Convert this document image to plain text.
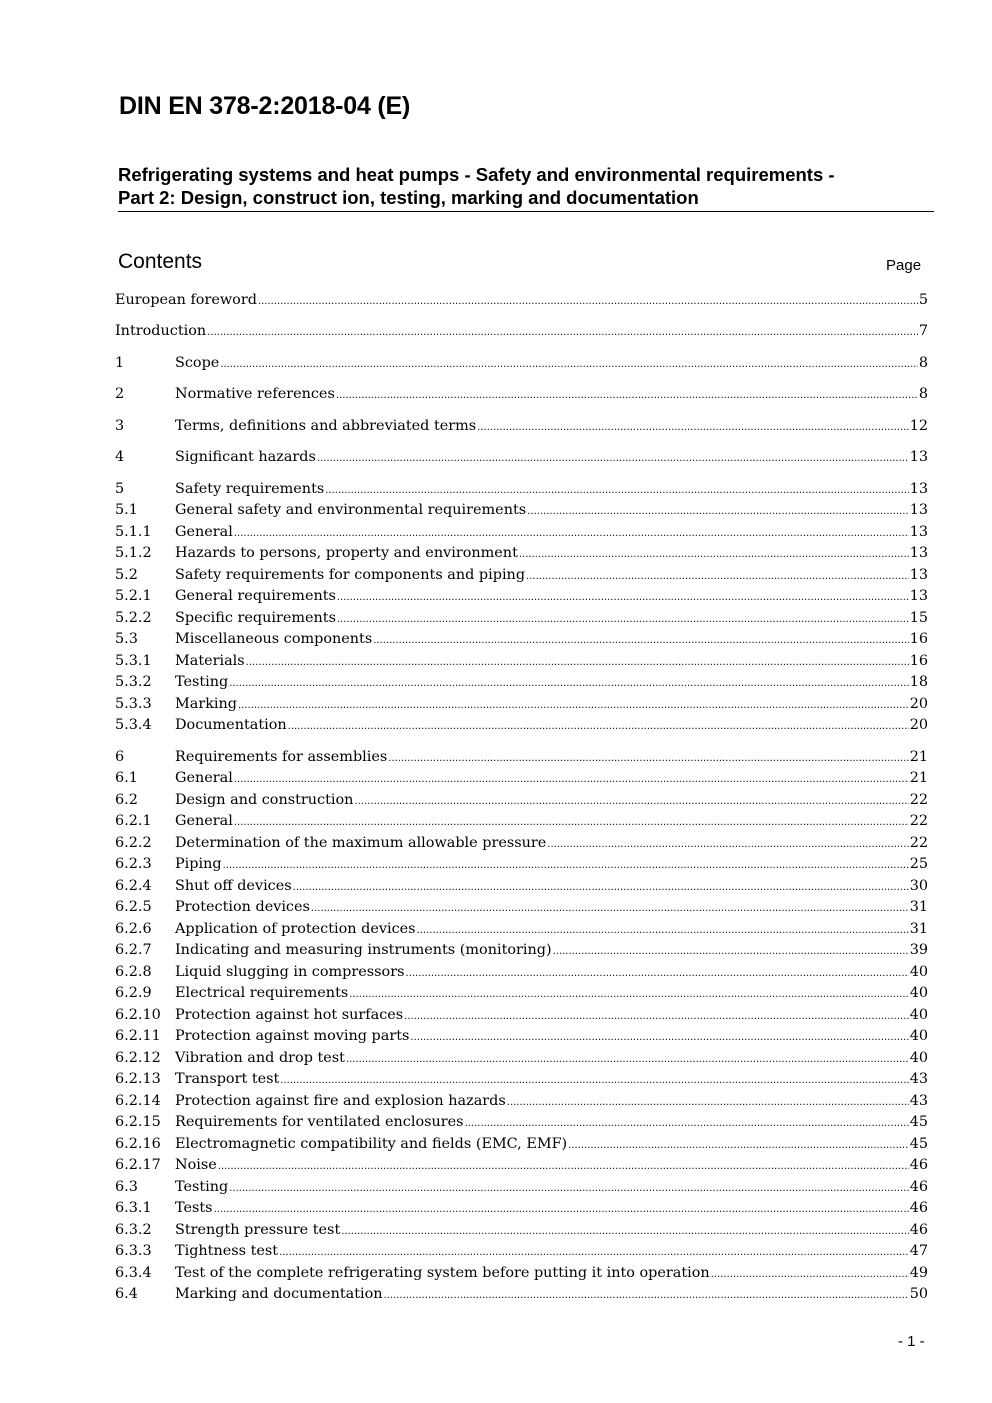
DIN EN 378-2:2018-04 (E)
Refrigerating systems and heat pumps - Safety and environmental requirements -
Part 2: Design, construct ion, testing, marking and documentation
Contents	Page
European foreword .....	5
Introduction .....	7
1	Scope .....	8
2	Normative references .....	8
3	Terms, definitions and abbreviated terms .....	12
4	Significant hazards .....	13
5	Safety requirements .....	13
5.1	General safety and environmental requirements .....	13
5.1.1	General .....	13
5.1.2	Hazards to persons, property and environment .....	13
5.2	Safety requirements for components and piping .....	13
5.2.1	General requirements .....	13
5.2.2	Specific requirements .....	15
5.3	Miscellaneous components .....	16
5.3.1	Materials .....	16
5.3.2	Testing .....	18
5.3.3	Marking .....	20
5.3.4	Documentation .....	20
6	Requirements for assemblies .....	21
6.1	General .....	21
6.2	Design and construction .....	22
6.2.1	General .....	22
6.2.2	Determination of the maximum allowable pressure .....	22
6.2.3	Piping .....	25
6.2.4	Shut off devices .....	30
6.2.5	Protection devices .....	31
6.2.6	Application of protection devices .....	31
6.2.7	Indicating and measuring instruments (monitoring) .....	39
6.2.8	Liquid slugging in compressors .....	40
6.2.9	Electrical requirements .....	40
6.2.10 Protection against hot surfaces .....	40
6.2.11 Protection against moving parts .....	40
6.2.12 Vibration and drop test .....	40
6.2.13 Transport test .....	43
6.2.14 Protection against fire and explosion hazards .....	43
6.2.15 Requirements for ventilated enclosures .....	45
6.2.16 Electromagnetic compatibility and fields (EMC, EMF) .....	45
6.2.17 Noise .....	46
6.3	Testing .....	46
6.3.1	Tests .....	46
6.3.2	Strength pressure test .....	46
6.3.3	Tightness test .....	47
6.3.4	Test of the complete refrigerating system before putting it into operation .....	49
6.4	Marking and documentation .....	50
- 1 -
